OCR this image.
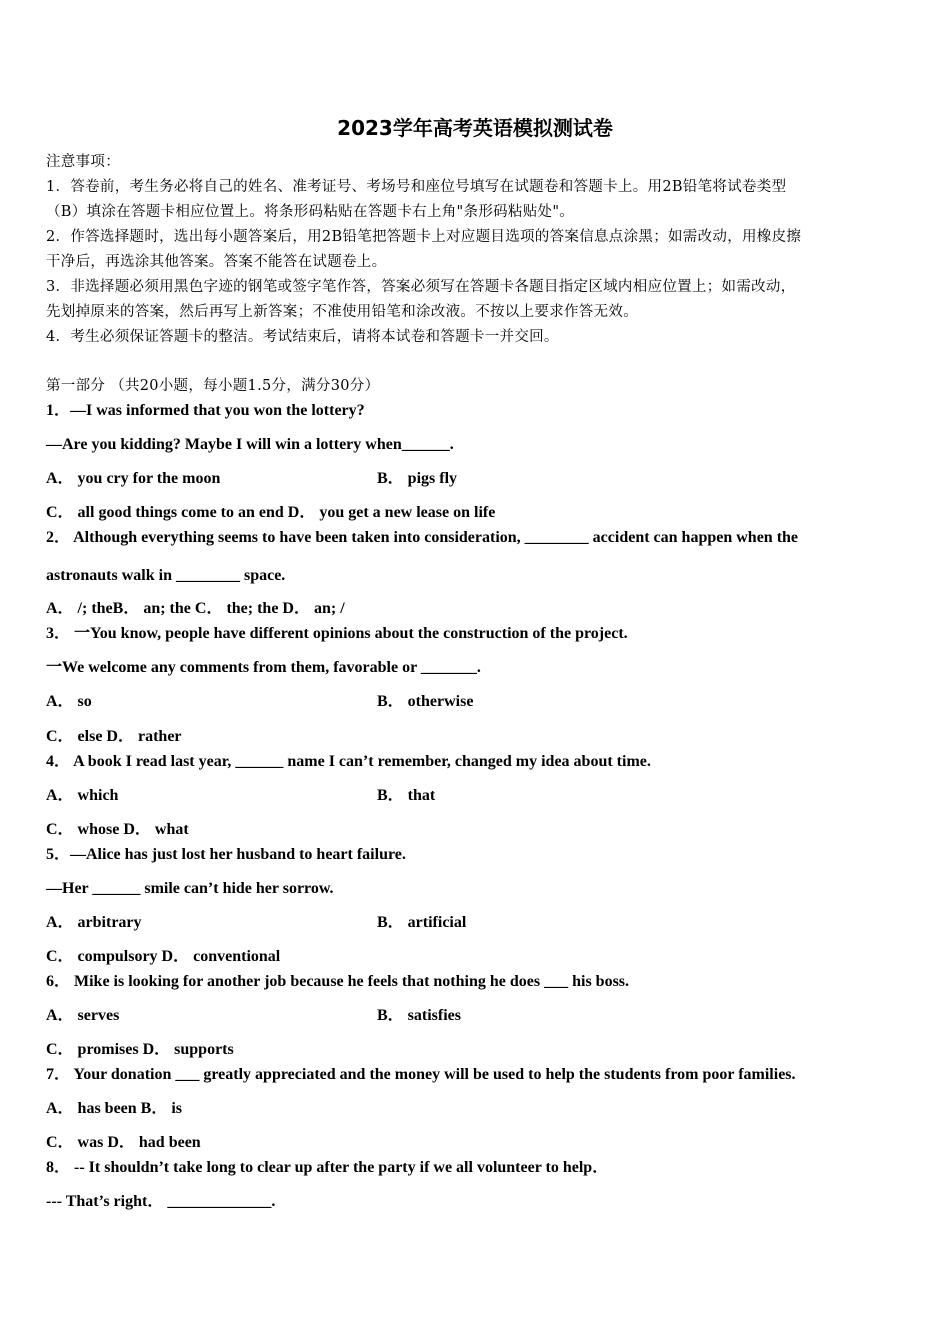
2023学年高考英语模拟测试卷
注意事项：
1．答卷前，考生务必将自己的姓名、准考证号、考场号和座位号填写在试题卷和答题卡上。用2B铅笔将试卷类型
（B）填涂在答题卡相应位置上。将条形码粘贴在答题卡右上角"条形码粘贴处"。
2．作答选择题时，选出每小题答案后，用2B铅笔把答题卡上对应题目选项的答案信息点涂黑；如需改动，用橡皮擦
干净后，再选涂其他答案。答案不能答在试题卷上。
3．非选择题必须用黑色字迹的钢笔或签字笔作答，答案必须写在答题卡各题目指定区域内相应位置上；如需改动，
先划掉原来的答案，然后再写上新答案；不准使用铅笔和涂改液。不按以上要求作答无效。
4．考生必须保证答题卡的整洁。考试结束后，请将本试卷和答题卡一并交回。
第一部分 （共20小题，每小题1.5分，满分30分）
1．—I was informed that you won the lottery?
—Are you kidding? Maybe I will win a lottery when______.
A． you cry for the moon	B． pigs fly
C． all good things come to an end D． you get a new lease on life
2． Although everything seems to have been taken into consideration, ________ accident can happen when the
astronauts walk in ________ space.
A． /; theB． an; the C． the; the D． an; /
3． 一You know, people have different opinions about the construction of the project.
一We welcome any comments from them, favorable or _______.
A． so	B． otherwise
C． else D． rather
4． A book I read last year, ______ name I can’t remember, changed my idea about time.
A． which	B． that
C． whose D． what
5．—Alice has just lost her husband to heart failure.
—Her ______ smile can’t hide her sorrow.
A． arbitrary	B． artificial
C． compulsory D． conventional
6． Mike is looking for another job because he feels that nothing he does ___ his boss.
A． serves	B． satisfies
C． promises D． supports
7． Your donation ___ greatly appreciated and the money will be used to help the students from poor families.
A． has been B． is
C． was D． had been
8． -- It shouldn’t take long to clear up after the party if we all volunteer to help．
--- That’s right． _____________.
